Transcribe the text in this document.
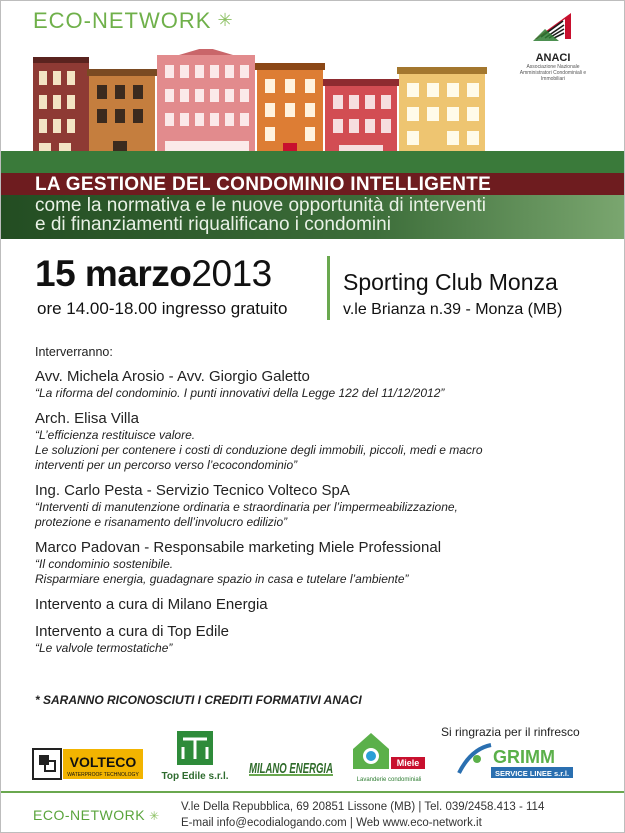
ECO-NETWORK ✳
ANACI
Associazione Nazionale Amministratori Condominiali e Immobiliari
LA GESTIONE DEL CONDOMINIO INTELLIGENTE
come la normativa e le nuove opportunità di interventi
e di finanziamenti riqualificano i condomini
15 marzo2013
ore 14.00-18.00 ingresso gratuito
Sporting Club Monza
v.le Brianza n.39 - Monza (MB)
Interverranno:
Avv. Michela Arosio - Avv. Giorgio Galetto
“La riforma del condominio. I punti innovativi della Legge 122 del 11/12/2012”
Arch. Elisa Villa
“L’efficienza restituisce valore.
Le soluzioni per contenere i costi di conduzione degli immobili, piccoli, medi e macro
interventi per un percorso verso l’ecocondominio”
Ing. Carlo Pesta - Servizio Tecnico Volteco SpA
“Interventi di manutenzione ordinaria e straordinaria per l’impermeabilizzazione,
protezione e risanamento dell’involucro edilizio”
Marco Padovan - Responsabile marketing Miele Professional
“Il condominio sostenibile.
Risparmiare energia, guadagnare spazio in casa e tutelare l’ambiente”
Intervento a cura di Milano Energia
Intervento a cura di Top Edile
“Le valvole termostatiche”
* SARANNO RICONOSCIUTI I CREDITI FORMATIVI ANACI
Si ringrazia per il rinfresco
VOLTECO
WATERPROOF TECHNOLOGY Top Edile s.r.l. MILANO ENERGIA	Miele
Lavanderie condominiali
GRIMM
SERVICE LINEE s.r.l.
ECO-NETWORK ✳
V.le Della Repubblica, 69 20851 Lissone (MB) | Tel. 039/2458.413 - 114
E-mail info@ecodialogando.com | Web www.eco-network.it
